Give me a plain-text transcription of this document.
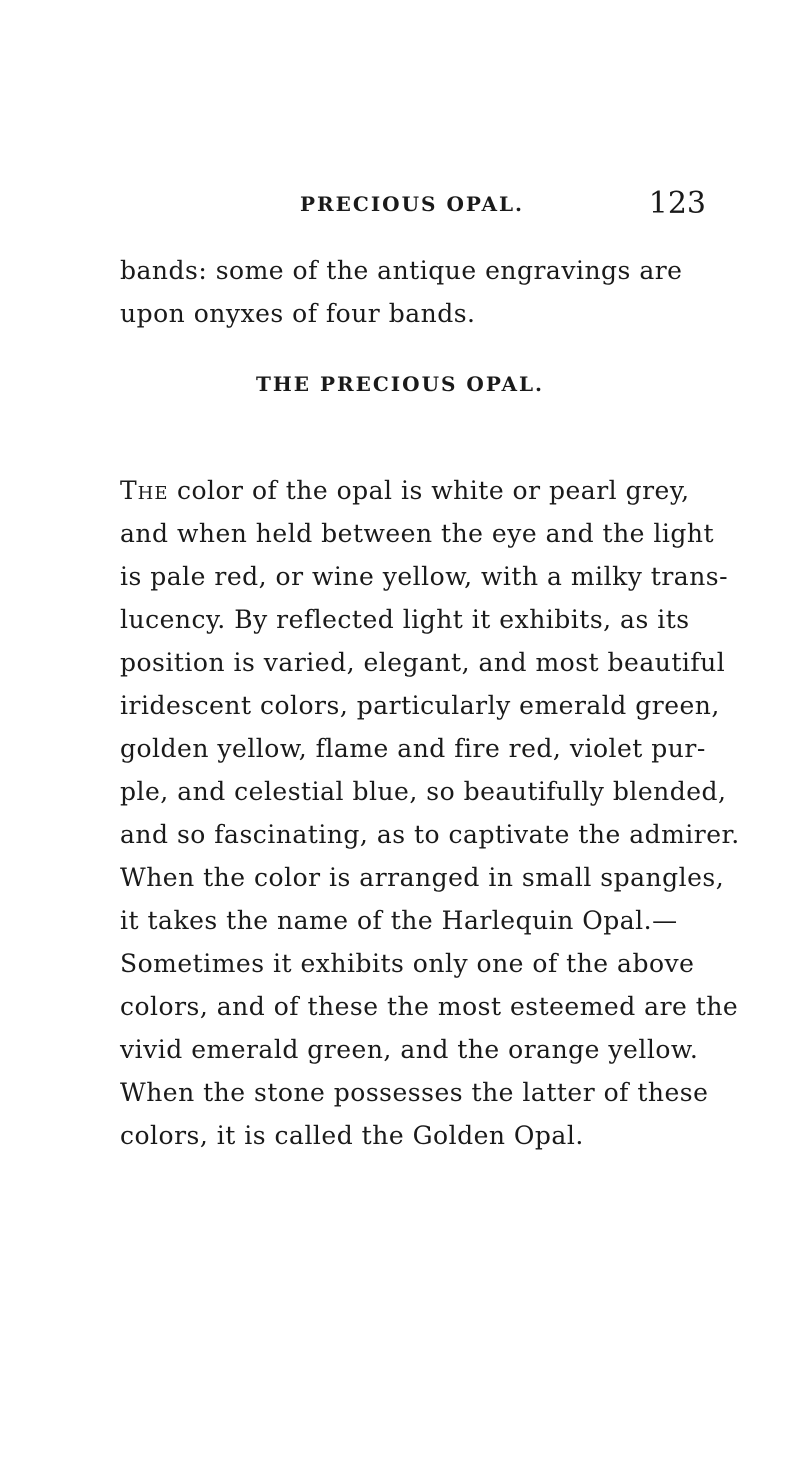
PRECIOUS OPAL.	123
bands: some of the antique engravings are
upon onyxes of four bands.
THE PRECIOUS OPAL.
The color of the opal is white or pearl grey,
and when held between the eye and the light
is pale red, or wine yellow, with a milky trans-
lucency. By reflected light it exhibits, as its
position is varied, elegant, and most beautiful
iridescent colors, particularly emerald green,
golden yellow, flame and fire red, violet pur-
ple, and celestial blue, so beautifully blended,
and so fascinating, as to captivate the admirer.
When the color is arranged in small spangles,
it takes the name of the Harlequin Opal.—
Sometimes it exhibits only one of the above
colors, and of these the most esteemed are the
vivid emerald green, and the orange yellow.
When the stone possesses the latter of these
colors, it is called the Golden Opal.
